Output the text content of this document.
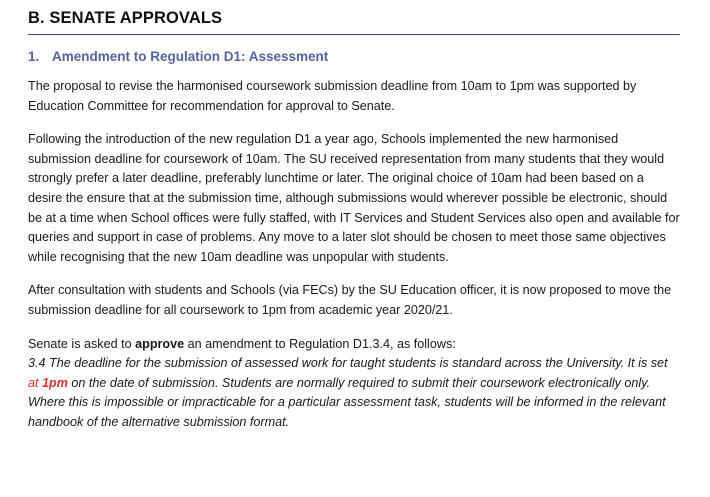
B. SENATE APPROVALS
1. Amendment to Regulation D1: Assessment
The proposal to revise the harmonised coursework submission deadline from 10am to 1pm was supported by Education Committee for recommendation for approval to Senate.
Following the introduction of the new regulation D1 a year ago, Schools implemented the new harmonised submission deadline for coursework of 10am. The SU received representation from many students that they would strongly prefer a later deadline, preferably lunchtime or later. The original choice of 10am had been based on a desire the ensure that at the submission time, although submissions would wherever possible be electronic, should be at a time when School offices were fully staffed, with IT Services and Student Services also open and available for queries and support in case of problems. Any move to a later slot should be chosen to meet those same objectives while recognising that the new 10am deadline was unpopular with students.
After consultation with students and Schools (via FECs) by the SU Education officer, it is now proposed to move the submission deadline for all coursework to 1pm from academic year 2020/21.
Senate is asked to approve an amendment to Regulation D1.3.4, as follows:
3.4 The deadline for the submission of assessed work for taught students is standard across the University. It is set at 1pm on the date of submission. Students are normally required to submit their coursework electronically only. Where this is impossible or impracticable for a particular assessment task, students will be informed in the relevant handbook of the alternative submission format.
